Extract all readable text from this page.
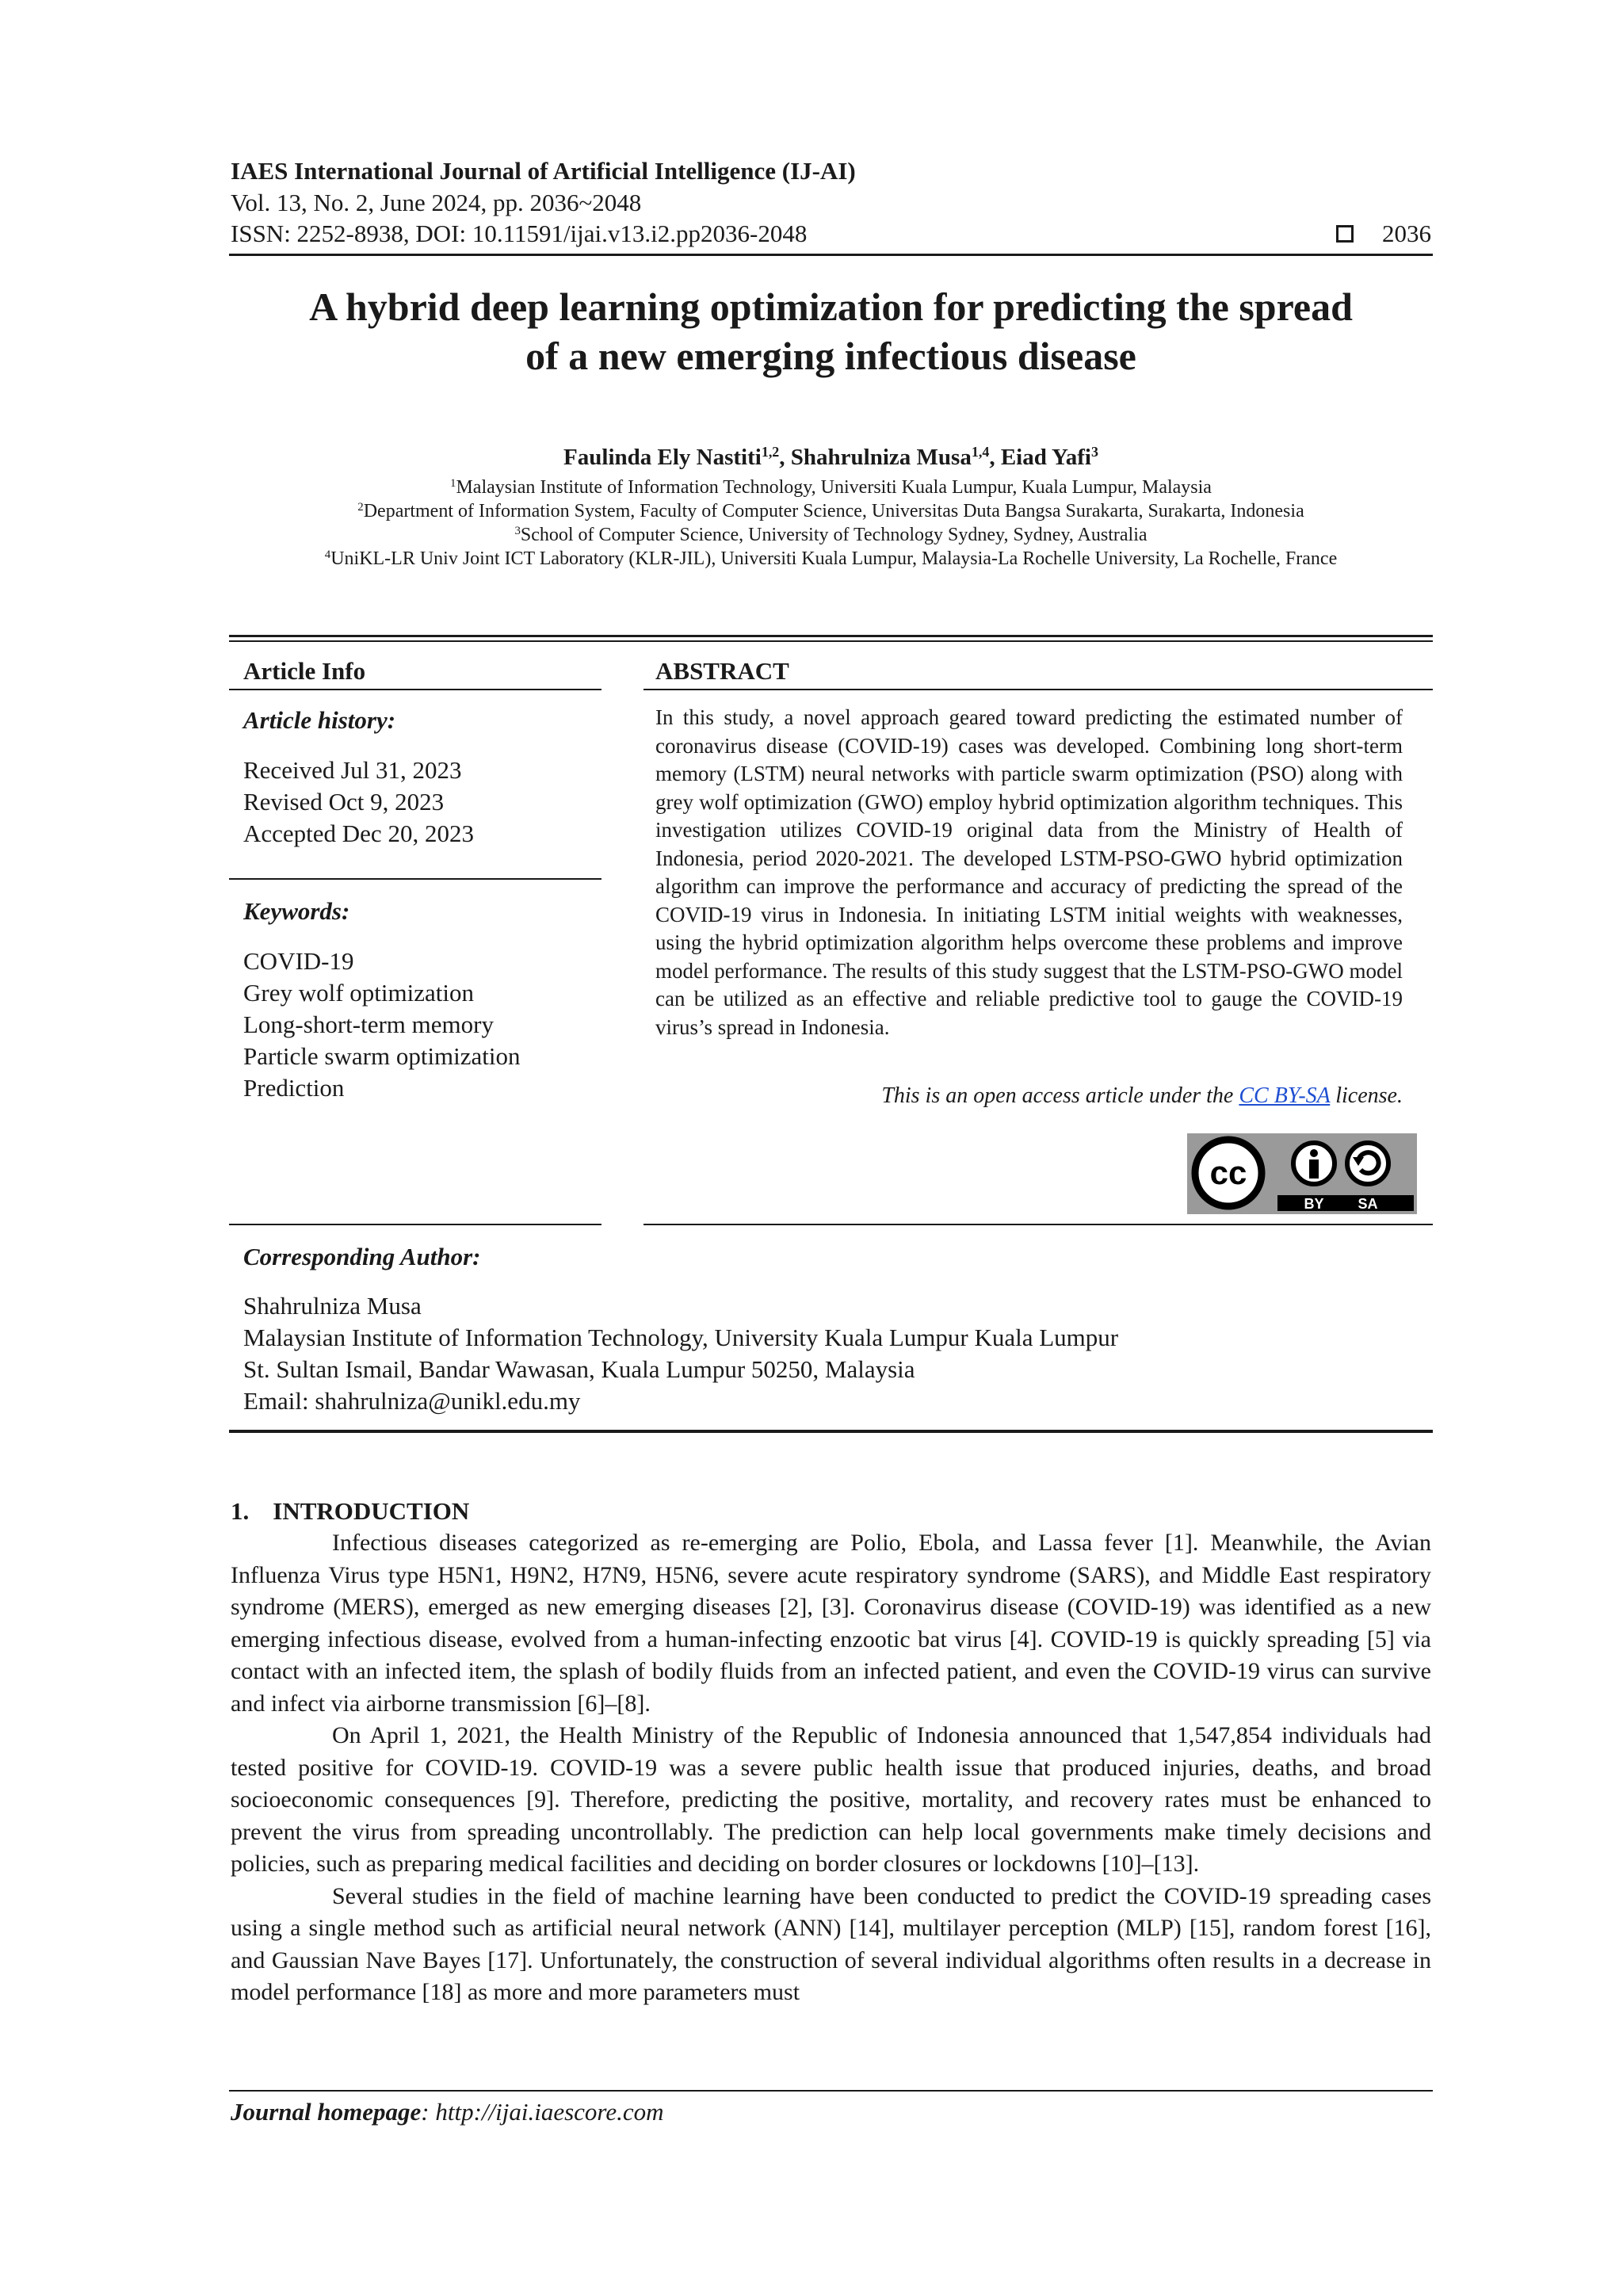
IAES International Journal of Artificial Intelligence (IJ-AI)
Vol. 13, No. 2, June 2024, pp. 2036~2048
ISSN: 2252-8938, DOI: 10.11591/ijai.v13.i2.pp2036-2048	2036
A hybrid deep learning optimization for predicting the spread
of a new emerging infectious disease
Faulinda Ely Nastiti$^{1,2}$, Shahrulniza Musa$^{1,4}$, Eiad Yafi$^3$
$^1$Malaysian Institute of Information Technology, Universiti Kuala Lumpur, Kuala Lumpur, Malaysia
$^2$Department of Information System, Faculty of Computer Science, Universitas Duta Bangsa Surakarta, Surakarta, Indonesia
$^3$School of Computer Science, University of Technology Sydney, Sydney, Australia
$^4$UniKL-LR Univ Joint ICT Laboratory (KLR-JIL), Universiti Kuala Lumpur, Malaysia-La Rochelle University, La Rochelle, France
Article Info
Article history:
Received Jul 31, 2023
Revised Oct 9, 2023
Accepted Dec 20, 2023
Keywords:
COVID-19
Grey wolf optimization
Long-short-term memory
Particle swarm optimization
Prediction
ABSTRACT
In this study, a novel approach geared toward predicting the estimated number of coronavirus disease (COVID-19) cases was developed. Combining long short-term memory (LSTM) neural networks with particle swarm optimization (PSO) along with grey wolf optimization (GWO) employ hybrid optimization algorithm techniques. This investigation utilizes COVID-19 original data from the Ministry of Health of Indonesia, period 2020-2021. The developed LSTM-PSO-GWO hybrid optimization algorithm can improve the performance and accuracy of predicting the spread of the COVID-19 virus in Indonesia. In initiating LSTM initial weights with weaknesses, using the hybrid optimization algorithm helps overcome these problems and improve model performance. The results of this study suggest that the LSTM-PSO-GWO model can be utilized as an effective and reliable predictive tool to gauge the COVID-19 virus’s spread in Indonesia.
This is an open access article under the CC BY-SA license.
cc
BY SA
Corresponding Author:
Shahrulniza Musa
Malaysian Institute of Information Technology, University Kuala Lumpur Kuala Lumpur
St. Sultan Ismail, Bandar Wawasan, Kuala Lumpur 50250, Malaysia
Email: shahrulniza@unikl.edu.my
1. INTRODUCTION

Infectious diseases categorized as re-emerging are Polio, Ebola, and Lassa fever [1]. Meanwhile, the Avian Influenza Virus type H5N1, H9N2, H7N9, H5N6, severe acute respiratory syndrome (SARS), and Middle East respiratory syndrome (MERS), emerged as new emerging diseases [2], [3]. Coronavirus disease (COVID-19) was identified as a new emerging infectious disease, evolved from a human-infecting enzootic bat virus [4]. COVID-19 is quickly spreading [5] via contact with an infected item, the splash of bodily fluids from an infected patient, and even the COVID-19 virus can survive and infect via airborne transmission [6]–[8].

On April 1, 2021, the Health Ministry of the Republic of Indonesia announced that 1,547,854 individuals had tested positive for COVID-19. COVID-19 was a severe public health issue that produced injuries, deaths, and broad socioeconomic consequences [9]. Therefore, predicting the positive, mortality, and recovery rates must be enhanced to prevent the virus from spreading uncontrollably. The prediction can help local governments make timely decisions and policies, such as preparing medical facilities and deciding on border closures or lockdowns [10]–[13].

Several studies in the field of machine learning have been conducted to predict the COVID-19 spreading cases using a single method such as artificial neural network (ANN) [14], multilayer perception (MLP) [15], random forest [16], and Gaussian Nave Bayes [17]. Unfortunately, the construction of several individual algorithms often results in a decrease in model performance [18] as more and more parameters must

Journal homepage: http://ijai.iaescore.com
